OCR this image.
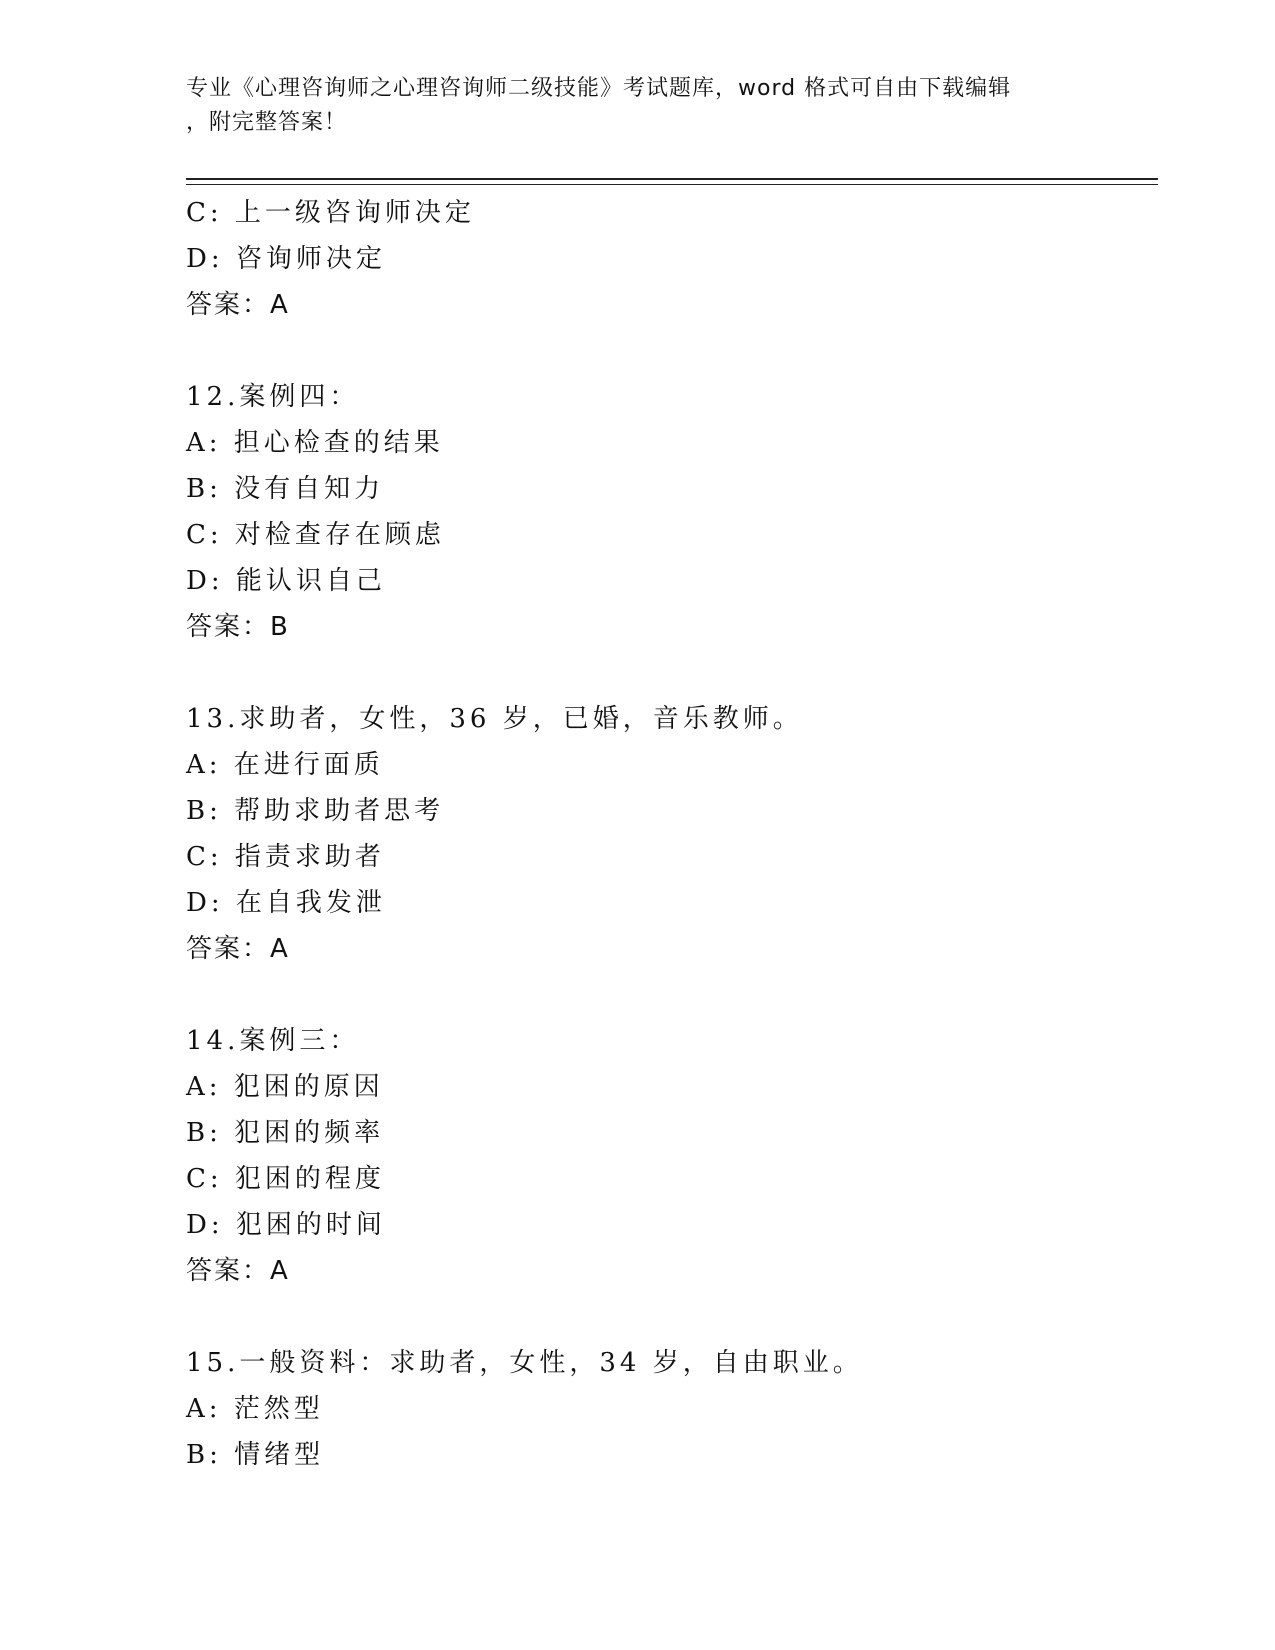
专业《心理咨询师之心理咨询师二级技能》考试题库，word 格式可自由下载编辑
，附完整答案！
C: 上一级咨询师决定
D: 咨询师决定
答案：A
12.案例四：
A: 担心检查的结果
B: 没有自知力
C: 对检查存在顾虑
D: 能认识自己
答案：B
13.求助者，女性，36 岁，已婚，音乐教师。
A: 在进行面质
B: 帮助求助者思考
C: 指责求助者
D: 在自我发泄
答案：A
14.案例三：
A: 犯困的原因
B: 犯困的频率
C: 犯困的程度
D: 犯困的时间
答案：A
15.一般资料：求助者，女性，34 岁，自由职业。
A: 茫然型
B: 情绪型
